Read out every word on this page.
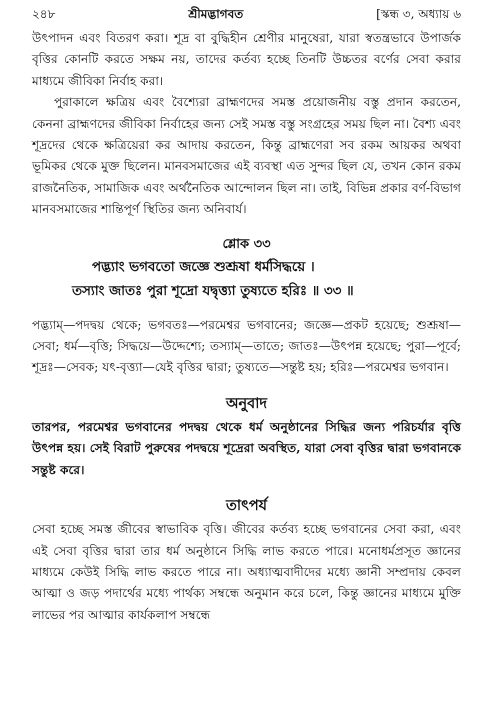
২৪৮	শ্রীমদ্ভাগবত	[স্কন্ধ ৩, অধ্যায় ৬

উৎপাদন এবং বিতরণ করা। শূদ্র বা বুদ্ধিহীন শ্রেণীর মানুষেরা, যারা স্বতন্ত্রভাবে উপার্জক বৃত্তির কোনটি করতে সক্ষম নয়, তাদের কর্তব্য হচ্ছে তিনটি উচ্চতর বর্ণের সেবা করার মাধ্যমে জীবিকা নির্বাহ করা।

পুরাকালে ক্ষত্রিয় এবং বৈশ্যেরা ব্রাহ্মণদের সমস্ত প্রয়োজনীয় বস্তু প্রদান করতেন, কেননা ব্রাহ্মণদের জীবিকা নির্বাহের জন্য সেই সমস্ত বস্তু সংগ্রহের সময় ছিল না। বৈশ্য এবং শূদ্রদের থেকে ক্ষত্রিয়েরা কর আদায় করতেন, কিন্তু ব্রাহ্মণেরা সব রকম আয়কর অথবা ভূমিকর থেকে মুক্ত ছিলেন। মানবসমাজের এই ব্যবস্থা এত সুন্দর ছিল যে, তখন কোন রকম রাজনৈতিক, সামাজিক এবং অর্থনৈতিক আন্দোলন ছিল না। তাই, বিভিন্ন প্রকার বর্ণ-বিভাগ মানবসমাজের শান্তিপূর্ণ স্থিতির জন্য অনিবার্য।

শ্লোক ৩৩
পদ্ভ্যাং ভগবতো জজ্ঞে শুশ্রূষা ধর্মসিদ্ধয়ে ।
তস্যাং জাতঃ পুরা শূদ্রো যদ্বৃত্ত্যা তুষ্যতে হরিঃ ॥ ৩৩ ॥

পদ্ভ্যাম্—পদদ্বয় থেকে; ভগবতঃ—পরমেশ্বর ভগবানের; জজ্ঞে—প্রকট হয়েছে; শুশ্রূষা—সেবা; ধর্ম—বৃত্তি; সিদ্ধয়ে—উদ্দেশ্যে; তস্যাম্—তাতে; জাতঃ—উৎপন্ন হয়েছে; পুরা—পূর্বে; শূদ্রঃ—সেবক; যৎ-বৃত্ত্যা—যেই বৃত্তির দ্বারা; তুষ্যতে—সন্তুষ্ট হয়; হরিঃ—পরমেশ্বর ভগবান।

অনুবাদ

তারপর, পরমেশ্বর ভগবানের পদদ্বয় থেকে ধর্ম অনুষ্ঠানের সিদ্ধির জন্য পরিচর্যার বৃত্তি উৎপন্ন হয়। সেই বিরাট পুরুষের পদদ্বয়ে শূদ্রেরা অবস্থিত, যারা সেবা বৃত্তির দ্বারা ভগবানকে সন্তুষ্ট করে।

তাৎপর্য

সেবা হচ্ছে সমস্ত জীবের স্বাভাবিক বৃত্তি। জীবের কর্তব্য হচ্ছে ভগবানের সেবা করা, এবং এই সেবা বৃত্তির দ্বারা তার ধর্ম অনুষ্ঠানে সিদ্ধি লাভ করতে পারে। মনোধর্মপ্রসূত জ্ঞানের মাধ্যমে কেউই সিদ্ধি লাভ করতে পারে না। অধ্যাত্মবাদীদের মধ্যে জ্ঞানী সম্প্রদায় কেবল আত্মা ও জড় পদার্থের মধ্যে পার্থক্য সম্বন্ধে অনুমান করে চলে, কিন্তু জ্ঞানের মাধ্যমে মুক্তি লাভের পর আত্মার কার্যকলাপ সম্বন্ধে
